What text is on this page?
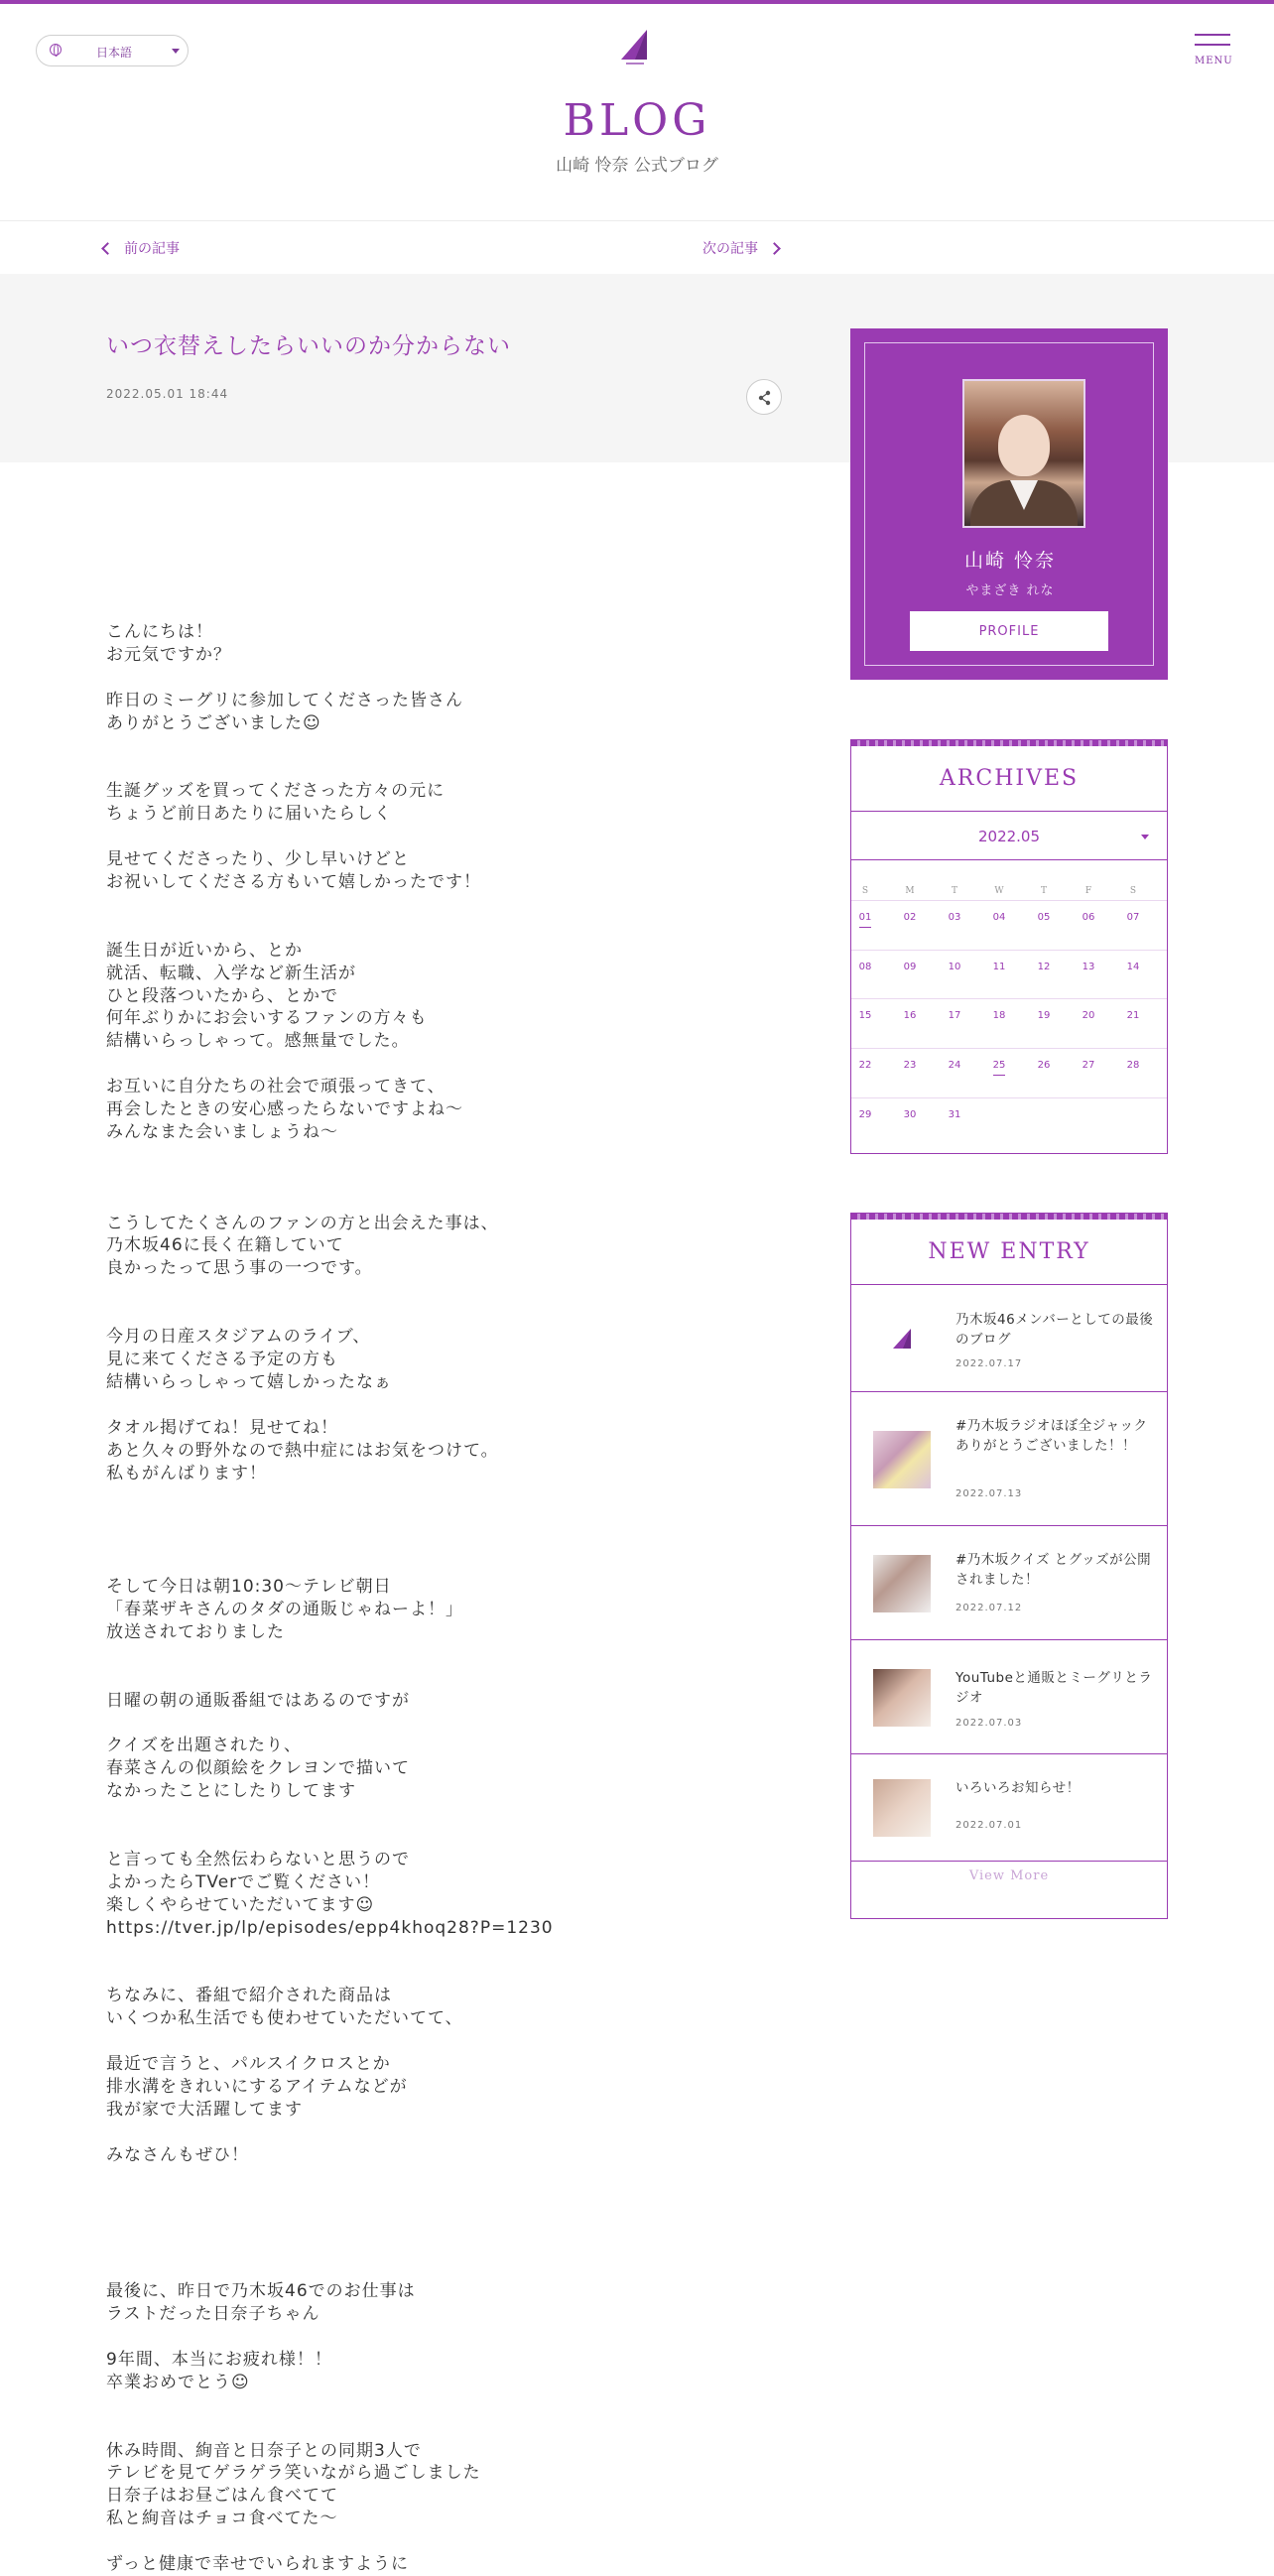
日本語
MENU
BLOG
山崎 怜奈 公式ブログ
前の記事	次の記事
いつ衣替えしたらいいのか分からない
2022.05.01 18:44
こんにちは！
お元気ですか？

昨日のミーグリに参加してくださった皆さん
ありがとうございました☺︎

生誕グッズを買ってくださった方々の元に
ちょうど前日あたりに届いたらしく

見せてくださったり、少し早いけどと
お祝いしてくださる方もいて嬉しかったです！

誕生日が近いから、とか
就活、転職、入学など新生活が
ひと段落ついたから、とかで
何年ぶりかにお会いするファンの方々も
結構いらっしゃって。感無量でした。

お互いに自分たちの社会で頑張ってきて、
再会したときの安心感ったらないですよね〜
みんなまた会いましょうね〜

こうしてたくさんのファンの方と出会えた事は、
乃木坂46に長く在籍していて
良かったって思う事の一つです。

今月の日産スタジアムのライブ、
見に来てくださる予定の方も
結構いらっしゃって嬉しかったなぁ

タオル掲げてね！見せてね！
あと久々の野外なので熱中症にはお気をつけて。
私もがんばります！

そして今日は朝10:30〜テレビ朝日
「春菜ザキさんのタダの通販じゃねーよ！」
放送されておりました

日曜の朝の通販番組ではあるのですが

クイズを出題されたり、
春菜さんの似顔絵をクレヨンで描いて
なかったことにしたりしてます

と言っても全然伝わらないと思うので
よかったらTVerでご覧ください！
楽しくやらせていただいてます☺︎
https://tver.jp/lp/episodes/epp4khoq28?P=1230

ちなみに、番組で紹介された商品は
いくつか私生活でも使わせていただいてて、

最近で言うと、パルスイクロスとか
排水溝をきれいにするアイテムなどが
我が家で大活躍してます

みなさんもぜひ！

最後に、昨日で乃木坂46でのお仕事は
ラストだった日奈子ちゃん

9年間、本当にお疲れ様！！
卒業おめでとう☺︎

休み時間、絢音と日奈子との同期3人で
テレビを見てゲラゲラ笑いながら過ごしました
日奈子はお昼ごはん食べてて
私と絢音はチョコ食べてた〜

ずっと健康で幸せでいられますように
山崎 怜奈
やまざき れな
PROFILE
ARCHIVES
2022.05
S	M	T	W	T	F	S
01	02	03	04	05	06	07
08	09	10	11	12	13	14
15	16	17	18	19	20	21
22	23	24	25	26	27	28
29	30	31
NEW ENTRY
乃木坂46メンバーとしての最後のブログ
2022.07.17
#乃木坂ラジオほぼ全ジャック ありがとうございました！！
2022.07.13
#乃木坂クイズ とグッズが公開されました！
2022.07.12
YouTubeと通販とミーグリとラジオ
2022.07.03
いろいろお知らせ！
2022.07.01
View More
